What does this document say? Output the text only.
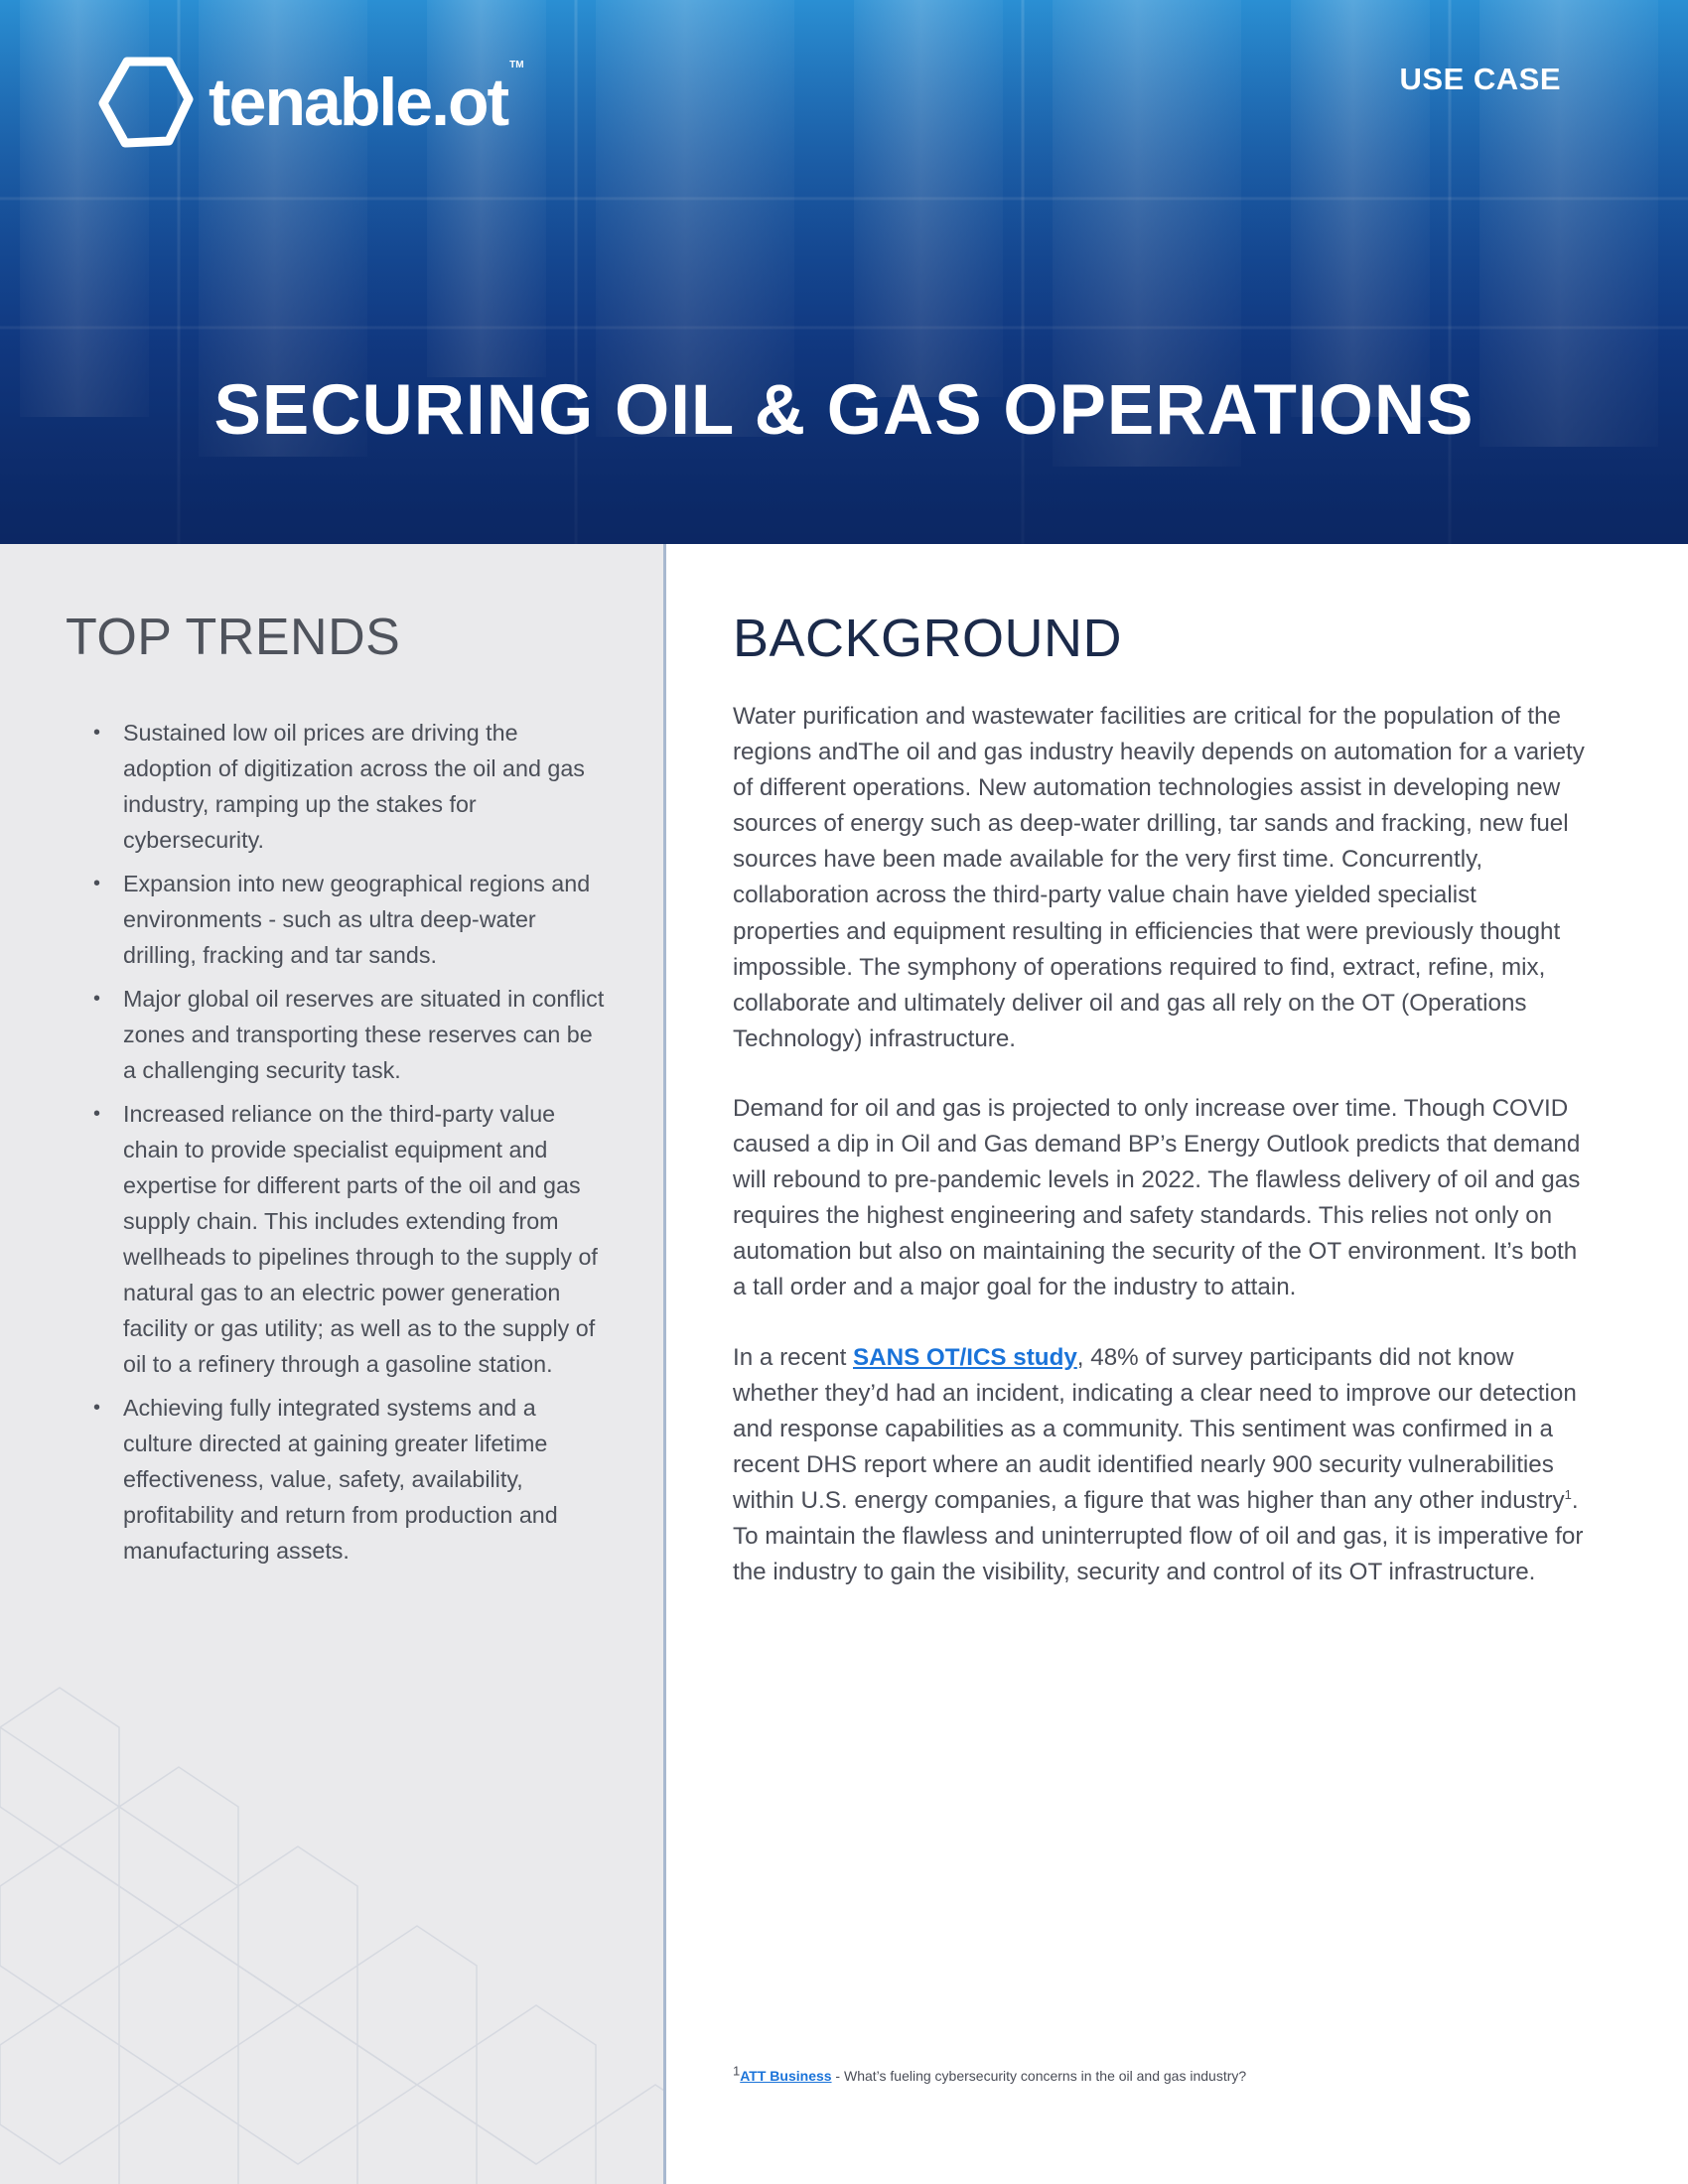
tenable.ot TM	USE CASE
SECURING OIL & GAS OPERATIONS
TOP TRENDS
• Sustained low oil prices are driving the adoption of digitization across the oil and gas industry, ramping up the stakes for cybersecurity.
• Expansion into new geographical regions and environments - such as ultra deep-water drilling, fracking and tar sands.
• Major global oil reserves are situated in conflict zones and transporting these reserves can be a challenging security task.
• Increased reliance on the third-party value chain to provide specialist equipment and expertise for different parts of the oil and gas supply chain. This includes extending from wellheads to pipelines through to the supply of natural gas to an electric power generation facility or gas utility; as well as to the supply of oil to a refinery through a gasoline station.
• Achieving fully integrated systems and a culture directed at gaining greater lifetime effectiveness, value, safety, availability, profitability and return from production and manufacturing assets.
BACKGROUND

Water purification and wastewater facilities are critical for the population of the regions andThe oil and gas industry heavily depends on automation for a variety of different operations. New automation technologies assist in developing new sources of energy such as deep-water drilling, tar sands and fracking, new fuel sources have been made available for the very first time. Concurrently, collaboration across the third-party value chain have yielded specialist properties and equipment resulting in efficiencies that were previously thought impossible. The symphony of operations required to find, extract, refine, mix, collaborate and ultimately deliver oil and gas all rely on the OT (Operations Technology) infrastructure.

Demand for oil and gas is projected to only increase over time. Though COVID caused a dip in Oil and Gas demand BP’s Energy Outlook predicts that demand will rebound to pre-pandemic levels in 2022. The flawless delivery of oil and gas requires the highest engineering and safety standards. This relies not only on automation but also on maintaining the security of the OT environment. It’s both a tall order and a major goal for the industry to attain.

In a recent SANS OT/ICS study, 48% of survey participants did not know whether they’d had an incident, indicating a clear need to improve our detection and response capabilities as a community. This sentiment was confirmed in a recent DHS report where an audit identified nearly 900 security vulnerabilities within U.S. energy companies, a figure that was higher than any other industry$^1$. To maintain the flawless and uninterrupted flow of oil and gas, it is imperative for the industry to gain the visibility, security and control of its OT infrastructure.

$^1$ATT Business - What’s fueling cybersecurity concerns in the oil and gas industry?
